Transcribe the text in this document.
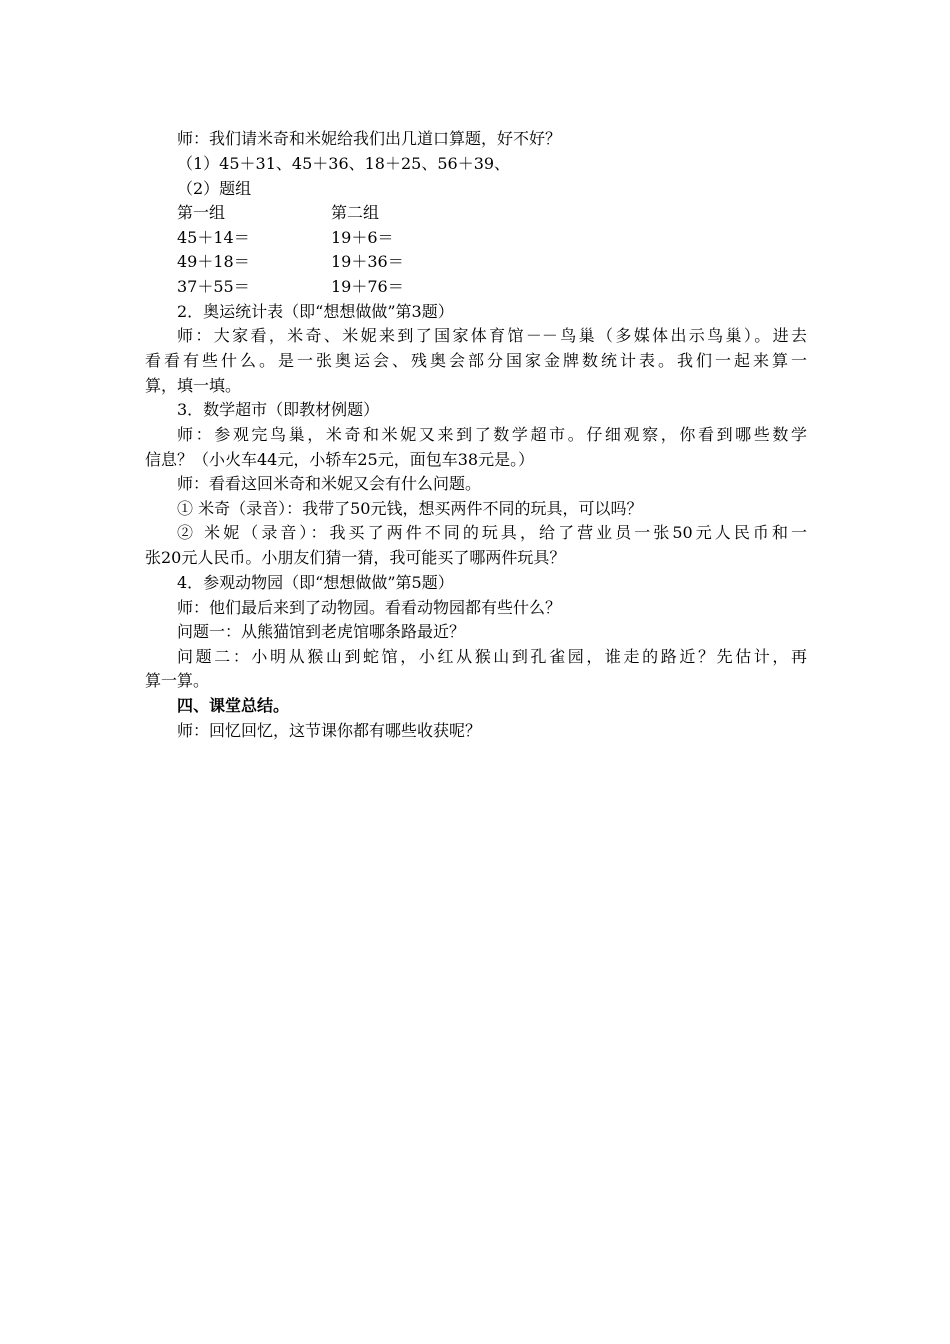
师：我们请米奇和米妮给我们出几道口算题，好不好？
（1）45＋31、45＋36、18＋25、56＋39、
（2）题组
第一组	第二组
45＋14＝	19＋6＝
49＋18＝	19＋36＝
37＋55＝	19＋76＝
2．奥运统计表（即“想想做做”第3题）
师：大家看，米奇、米妮来到了国家体育馆－－鸟巢（多媒体出示鸟巢）。进去
看看有些什么。是一张奥运会、残奥会部分国家金牌数统计表。我们一起来算一
算，填一填。
3．数学超市（即教材例题）
师：参观完鸟巢，米奇和米妮又来到了数学超市。仔细观察，你看到哪些数学
信息？（小火车44元，小轿车25元，面包车38元是。）
师：看看这回米奇和米妮又会有什么问题。
① 米奇（录音）：我带了50元钱，想买两件不同的玩具，可以吗？
② 米妮（录音）：我买了两件不同的玩具，给了营业员一张50元人民币和一
张20元人民币。小朋友们猜一猜，我可能买了哪两件玩具？
4．参观动物园（即“想想做做”第5题）
师：他们最后来到了动物园。看看动物园都有些什么？
问题一：从熊猫馆到老虎馆哪条路最近？
问题二：小明从猴山到蛇馆，小红从猴山到孔雀园，谁走的路近？先估计，再
算一算。
四、课堂总结。
师：回忆回忆，这节课你都有哪些收获呢？
